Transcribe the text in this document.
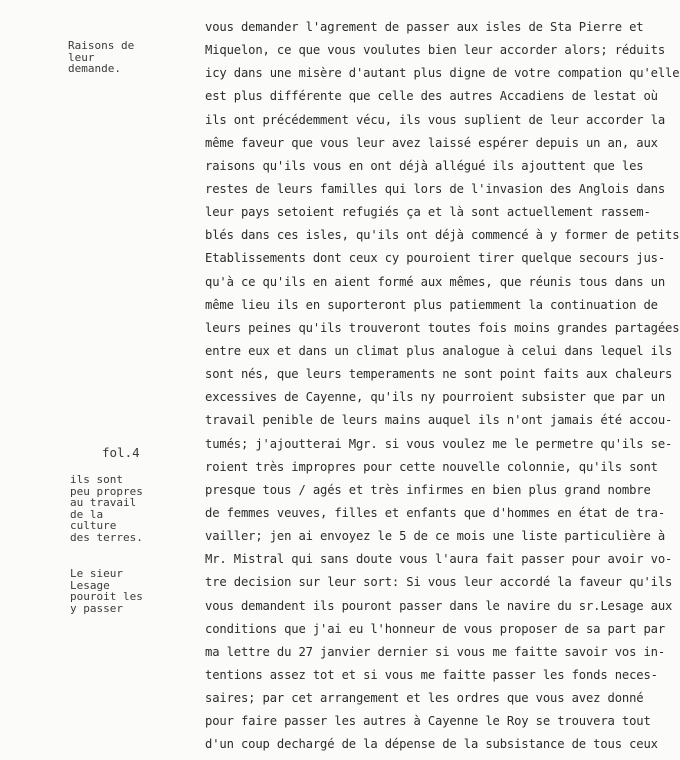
Raisons de
leur
demande.
fol.4
ils sont
peu propres
au travail
de la
culture
des terres.
Le sieur
Lesage
pouroit les
y passer
vous demander l'agrement de passer aux isles de Sta Pierre et
Miquelon, ce que vous voulutes bien leur accorder alors; réduits
icy dans une misère d'autant plus digne de votre compation qu'elle
est plus différente que celle des autres Accadiens de lestat où
ils ont précédemment vécu, ils vous suplient de leur accorder la
même faveur que vous leur avez laissé espérer depuis un an, aux
raisons qu'ils vous en ont déjà allégué ils ajouttent que les
restes de leurs familles qui lors de l'invasion des Anglois dans
leur pays setoient refugiés ça et là sont actuellement rassem-
blés dans ces isles, qu'ils ont déjà commencé à y former de petits
Etablissements dont ceux cy pouroient tirer quelque secours jus-
qu'à ce qu'ils en aient formé aux mêmes, que réunis tous dans un
même lieu ils en suporteront plus patiemment la continuation de
leurs peines qu'ils trouveront toutes fois moins grandes partagées
entre eux et dans un climat plus analogue à celui dans lequel ils
sont nés, que leurs temperaments ne sont point faits aux chaleurs
excessives de Cayenne, qu'ils ny pourroient subsister que par un
travail penible de leurs mains auquel ils n'ont jamais été accou-
tumés; j'ajoutterai Mgr. si vous voulez me le permetre qu'ils se-
roient très impropres pour cette nouvelle colonnie, qu'ils sont
presque tous / agés et très infirmes en bien plus grand nombre
de femmes veuves, filles et enfants que d'hommes en état de tra-
vailler; jen ai envoyez le 5 de ce mois une liste particulière à
Mr. Mistral qui sans doute vous l'aura fait passer pour avoir vo-
tre decision sur leur sort: Si vous leur accordé la faveur qu'ils
vous demandent ils pouront passer dans le navire du sr.Lesage aux
conditions que j'ai eu l'honneur de vous proposer de sa part par
ma lettre du 27 janvier dernier si vous me faitte savoir vos in-
tentions assez tot et si vous me faitte passer les fonds neces-
saires; par cet arrangement et les ordres que vous avez donné
pour faire passer les autres à Cayenne le Roy se trouvera tout
d'un coup dechargé de la dépense de la subsistance de tous ceux
